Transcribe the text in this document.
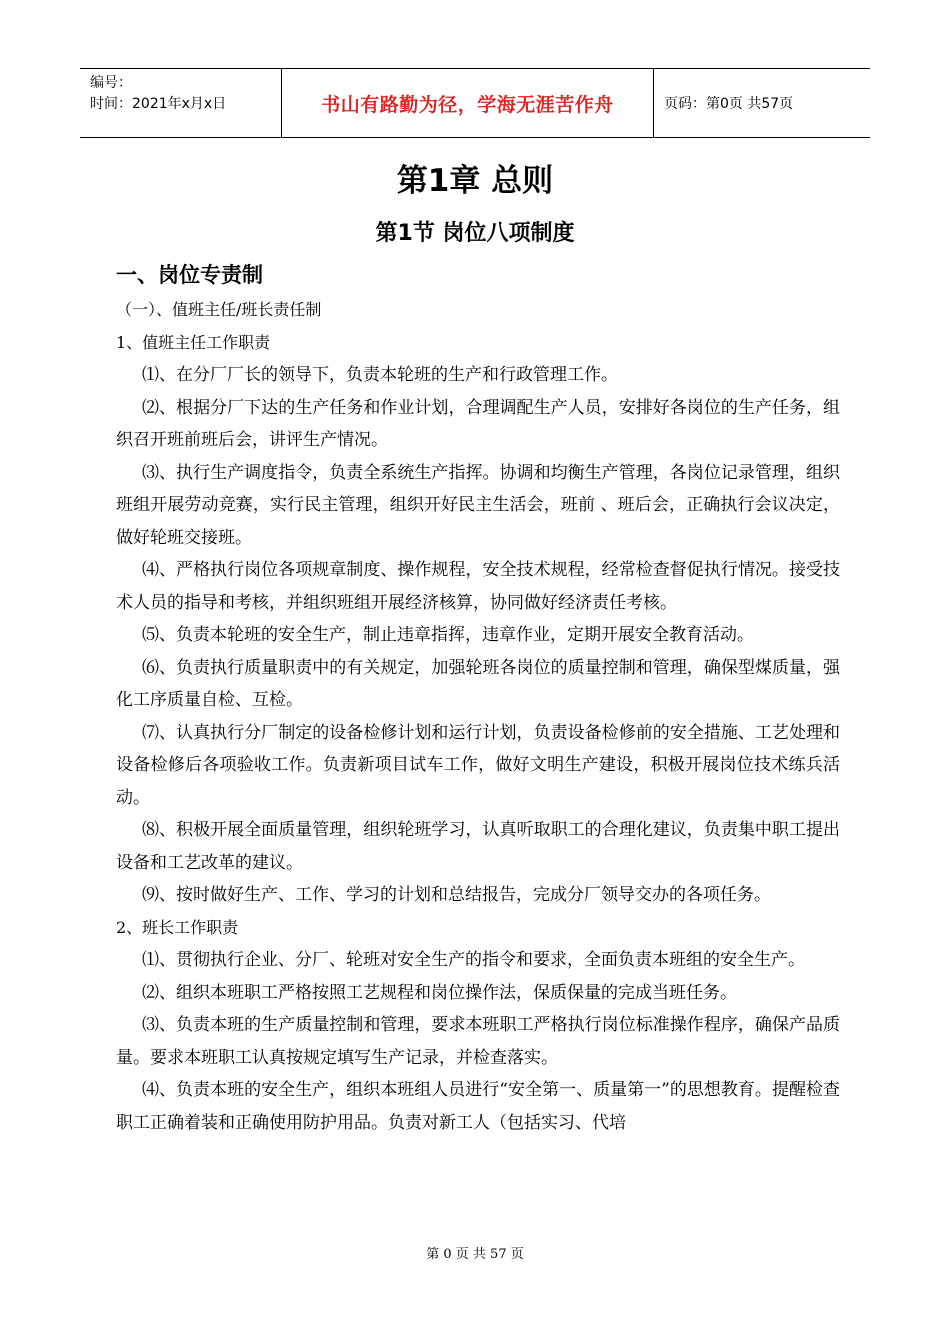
编号：
时间：2021年x月x日	书山有路勤为径，学海无涯苦作舟	页码：第0页 共57页
第1章 总则
第1节 岗位八项制度
一、岗位专责制

（一）、值班主任/班长责任制

1、值班主任工作职责

⑴、在分厂厂长的领导下，负责本轮班的生产和行政管理工作。

⑵、根据分厂下达的生产任务和作业计划，合理调配生产人员，安排好各岗位的生产任务，组织召开班前班后会，讲评生产情况。

⑶、执行生产调度指令，负责全系统生产指挥。协调和均衡生产管理，各岗位记录管理，组织班组开展劳动竞赛，实行民主管理，组织开好民主生活会，班前 、班后会，正确执行会议决定，做好轮班交接班。

⑷、严格执行岗位各项规章制度、操作规程，安全技术规程，经常检查督促执行情况。接受技术人员的指导和考核，并组织班组开展经济核算，协同做好经济责任考核。

⑸、负责本轮班的安全生产，制止违章指挥，违章作业，定期开展安全教育活动。

⑹、负责执行质量职责中的有关规定，加强轮班各岗位的质量控制和管理，确保型煤质量，强化工序质量自检、互检。

⑺、认真执行分厂制定的设备检修计划和运行计划，负责设备检修前的安全措施、工艺处理和设备检修后各项验收工作。负责新项目试车工作，做好文明生产建设，积极开展岗位技术练兵活动。

⑻、积极开展全面质量管理，组织轮班学习，认真听取职工的合理化建议，负责集中职工提出设备和工艺改革的建议。

⑼、按时做好生产、工作、学习的计划和总结报告，完成分厂领导交办的各项任务。

2、班长工作职责

⑴、贯彻执行企业、分厂、轮班对安全生产的指令和要求，全面负责本班组的安全生产。

⑵、组织本班职工严格按照工艺规程和岗位操作法，保质保量的完成当班任务。

⑶、负责本班的生产质量控制和管理，要求本班职工严格执行岗位标准操作程序，确保产品质量。要求本班职工认真按规定填写生产记录，并检查落实。

⑷、负责本班的安全生产，组织本班组人员进行“安全第一、质量第一”的思想教育。提醒检查职工正确着装和正确使用防护用品。负责对新工人（包括实习、代培

第 0 页 共 57 页
